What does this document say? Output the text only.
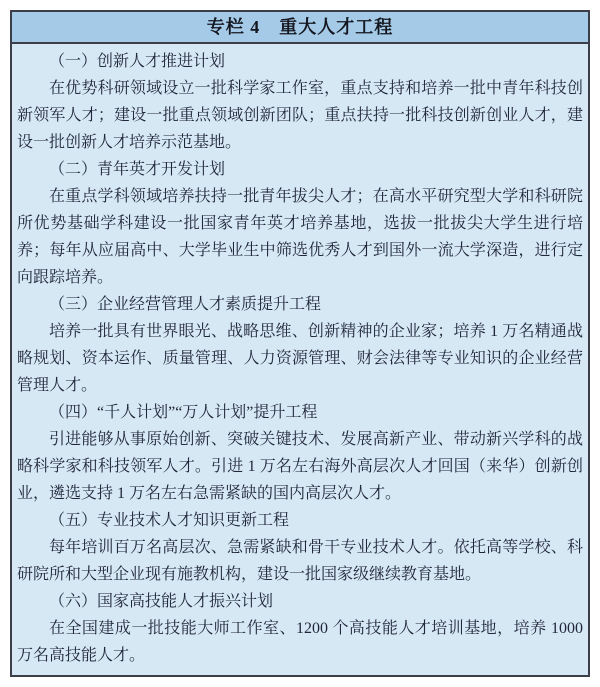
专栏 4　重大人才工程

（一）创新人才推进计划

在优势科研领域设立一批科学家工作室，重点支持和培养一批中青年科技创新领军人才；建设一批重点领域创新团队；重点扶持一批科技创新创业人才，建设一批创新人才培养示范基地。

（二）青年英才开发计划

在重点学科领域培养扶持一批青年拔尖人才；在高水平研究型大学和科研院所优势基础学科建设一批国家青年英才培养基地，选拔一批拔尖大学生进行培养；每年从应届高中、大学毕业生中筛选优秀人才到国外一流大学深造，进行定向跟踪培养。

（三）企业经营管理人才素质提升工程

培养一批具有世界眼光、战略思维、创新精神的企业家；培养 1 万名精通战略规划、资本运作、质量管理、人力资源管理、财会法律等专业知识的企业经营管理人才。

（四）“千人计划”“万人计划”提升工程

引进能够从事原始创新、突破关键技术、发展高新产业、带动新兴学科的战略科学家和科技领军人才。引进 1 万名左右海外高层次人才回国（来华）创新创业，遴选支持 1 万名左右急需紧缺的国内高层次人才。

（五）专业技术人才知识更新工程

每年培训百万名高层次、急需紧缺和骨干专业技术人才。依托高等学校、科研院所和大型企业现有施教机构，建设一批国家级继续教育基地。

（六）国家高技能人才振兴计划

在全国建成一批技能大师工作室、1200 个高技能人才培训基地，培养 1000 万名高技能人才。
